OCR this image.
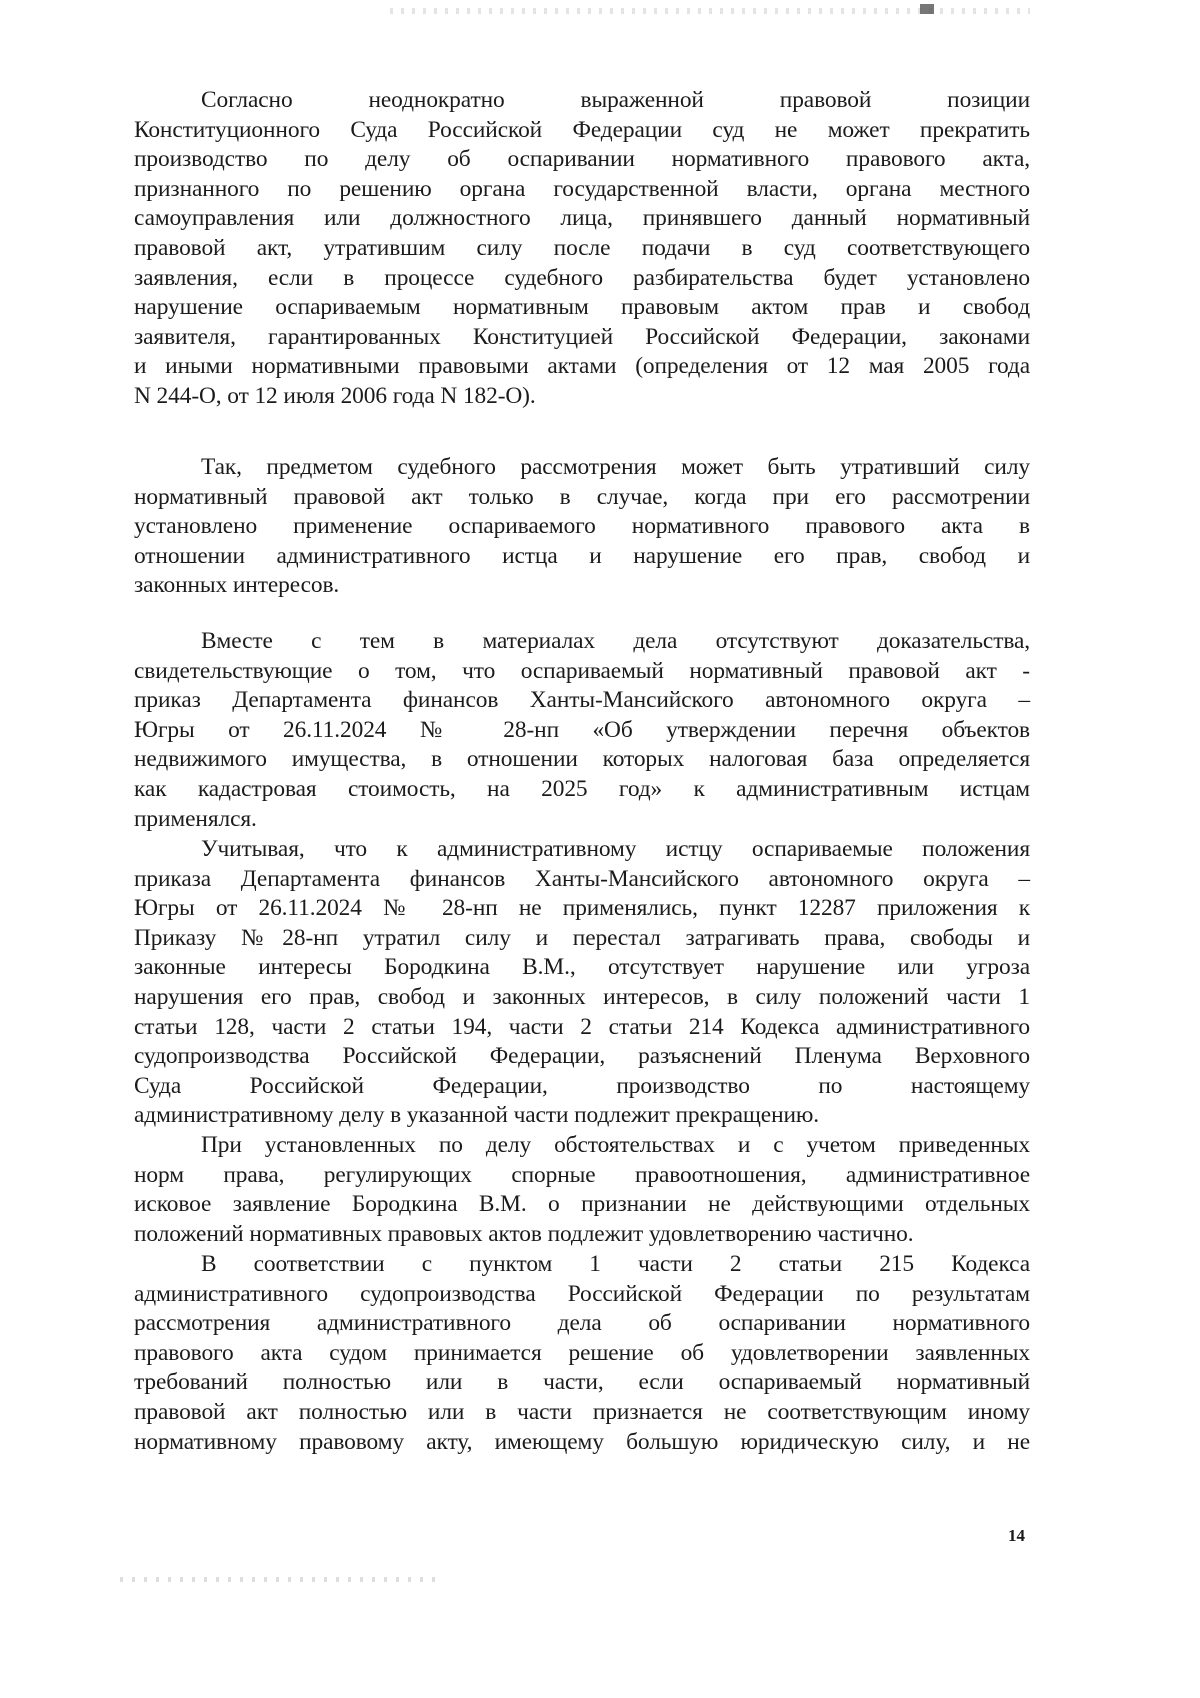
Согласно неоднократно выраженной правовой позиции
Конституционного Суда Российской Федерации суд не может прекратить
производство по делу об оспаривании нормативного правового акта,
признанного по решению органа государственной власти, органа местного
самоуправления или должностного лица, принявшего данный нормативный
правовой акт, утратившим силу после подачи в суд соответствующего
заявления, если в процессе судебного разбирательства будет установлено
нарушение оспариваемым нормативным правовым актом прав и свобод
заявителя, гарантированных Конституцией Российской Федерации, законами
и иными нормативными правовыми актами (определения от 12 мая 2005 года
N 244-О, от 12 июля 2006 года N 182-О).
Так, предметом судебного рассмотрения может быть утративший силу
нормативный правовой акт только в случае, когда при его рассмотрении
установлено применение оспариваемого нормативного правового акта в
отношении административного истца и нарушение его прав, свобод и
законных интересов.
Вместе с тем в материалах дела отсутствуют доказательства,
свидетельствующие о том, что оспариваемый нормативный правовой акт -
приказ Департамента финансов Ханты-Мансийского автономного округа –
Югры от 26.11.2024 № 28-нп «Об утверждении перечня объектов
недвижимого имущества, в отношении которых налоговая база определяется
как кадастровая стоимость, на 2025 год» к административным истцам
применялся.
Учитывая, что к административному истцу оспариваемые положения
приказа Департамента финансов Ханты-Мансийского автономного округа –
Югры от 26.11.2024 № 28-нп не применялись, пункт 12287 приложения к
Приказу №28-нп утратил силу и перестал затрагивать права, свободы и
законные интересы Бородкина В.М., отсутствует нарушение или угроза
нарушения его прав, свобод и законных интересов, в силу положений части 1
статьи 128, части 2 статьи 194, части 2 статьи 214 Кодекса административного
судопроизводства Российской Федерации, разъяснений Пленума Верховного
Суда Российской Федерации, производство по настоящему
административному делу в указанной части подлежит прекращению.
При установленных по делу обстоятельствах и с учетом приведенных
норм права, регулирующих спорные правоотношения, административное
исковое заявление Бородкина В.М. о признании не действующими отдельных
положений нормативных правовых актов подлежит удовлетворению частично.
В соответствии с пунктом 1 части 2 статьи 215 Кодекса
административного судопроизводства Российской Федерации по результатам
рассмотрения административного дела об оспаривании нормативного
правового акта судом принимается решение об удовлетворении заявленных
требований полностью или в части, если оспариваемый нормативный
правовой акт полностью или в части признается не соответствующим иному
нормативному правовому акту, имеющему большую юридическую силу, и не
14
